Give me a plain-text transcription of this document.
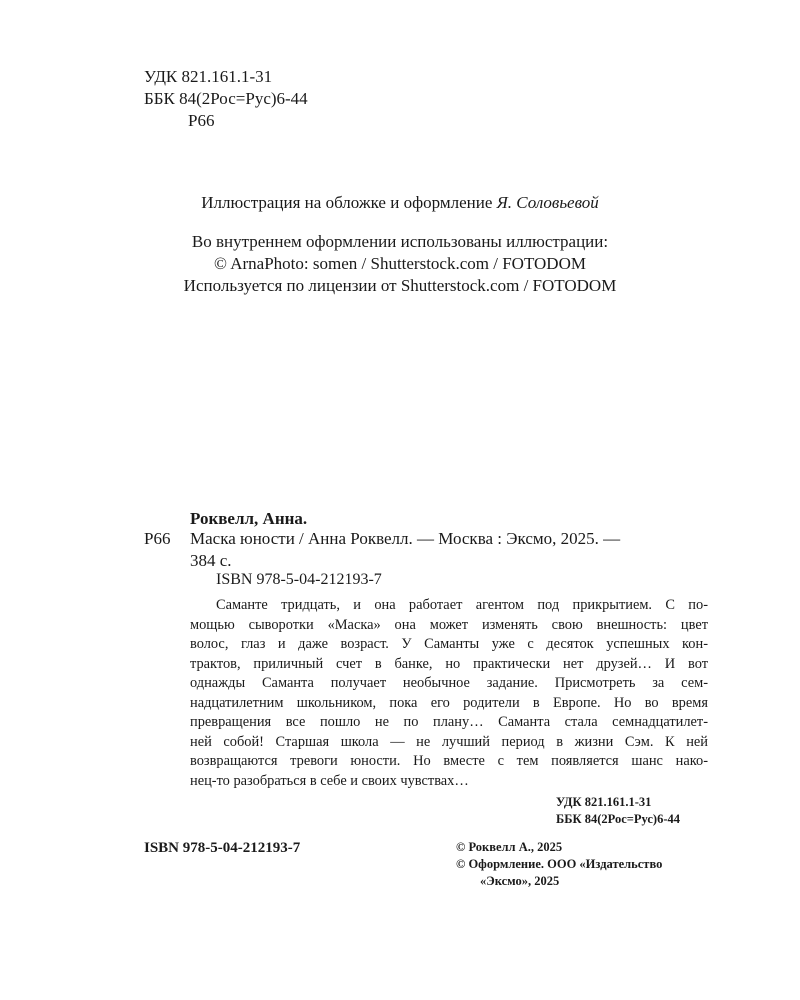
УДК 821.161.1-31
ББК 84(2Рос=Рус)6-44
Р66
Иллюстрация на обложке и оформление Я. Соловьевой
Во внутреннем оформлении использованы иллюстрации:
© ArnaPhoto: somen / Shutterstock.com / FOTODOM
Используется по лицензии от Shutterstock.com / FOTODOM
Роквелл, Анна.
Р66 Маска юности / Анна Роквелл. — Москва : Эксмо, 2025. —
384 с.
ISBN 978-5-04-212193-7
Саманте тридцать, и она работает агентом под прикрытием. С по-
мощью сыворотки «Маска» она может изменять свою внешность: цвет
волос, глаз и даже возраст. У Саманты уже с десяток успешных кон-
трактов, приличный счет в банке, но практически нет друзей… И вот
однажды Саманта получает необычное задание. Присмотреть за сем-
надцатилетним школьником, пока его родители в Европе. Но во время
превращения все пошло не по плану… Саманта стала семнадцатилет-
ней собой! Старшая школа — не лучший период в жизни Сэм. К ней
возвращаются тревоги юности. Но вместе с тем появляется шанс нако-
нец-то разобраться в себе и своих чувствах…
УДК 821.161.1-31
ББК 84(2Рос=Рус)6-44
© Роквелл А., 2025
© Оформление. ООО «Издательство
«Эксмо», 2025
ISBN 978-5-04-212193-7
